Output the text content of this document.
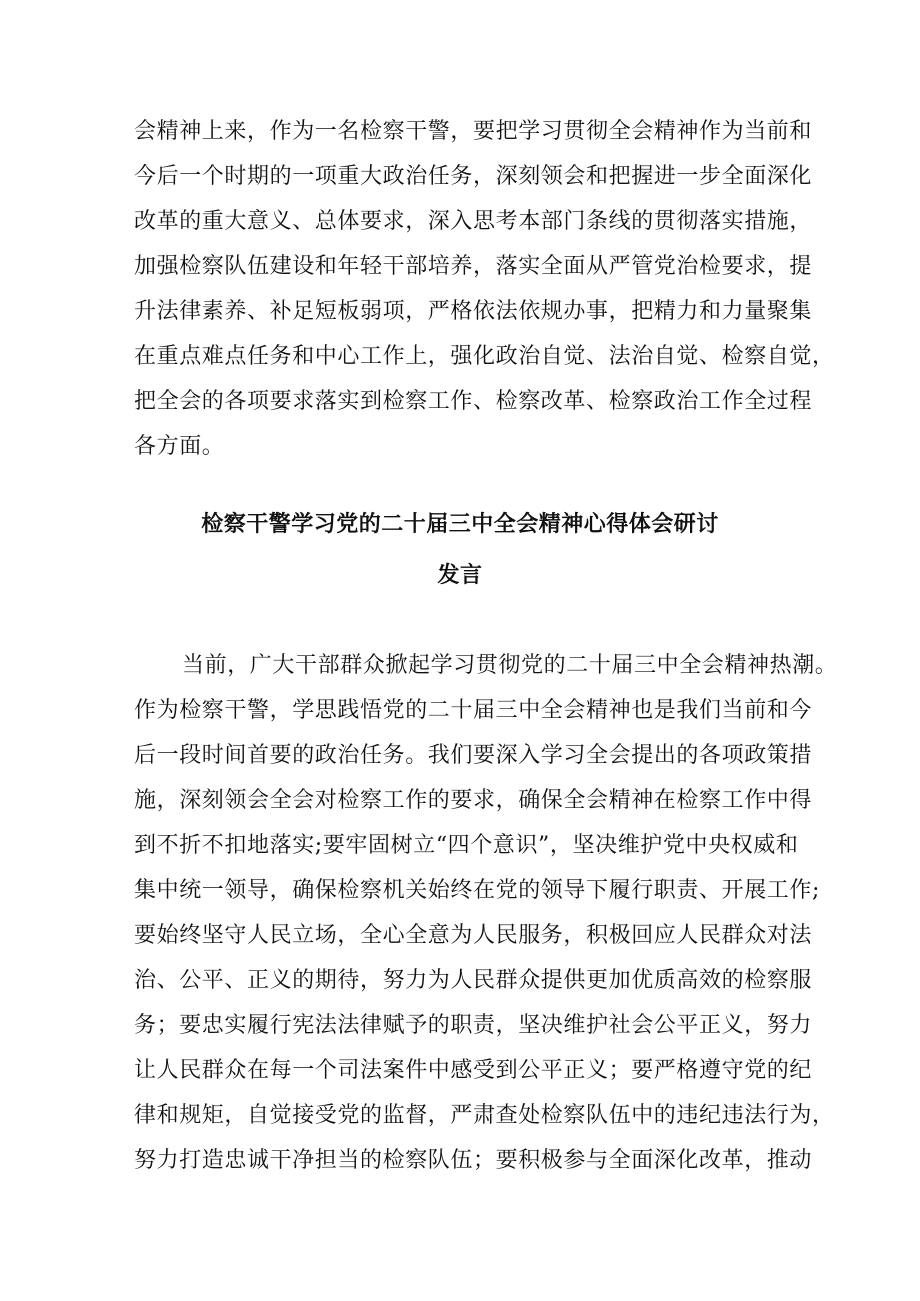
会精神上来，作为一名检察干警，要把学习贯彻全会精神作为当前和

今后一个时期的一项重大政治任务，深刻领会和把握进一步全面深化

改革的重大意义、总体要求，深入思考本部门条线的贯彻落实措施，

加强检察队伍建设和年轻干部培养，落实全面从严管党治检要求，提

升法律素养、补足短板弱项，严格依法依规办事，把精力和力量聚集

在重点难点任务和中心工作上，强化政治自觉、法治自觉、检察自觉，

把全会的各项要求落实到检察工作、检察改革、检察政治工作全过程

各方面。

检察干警学习党的二十届三中全会精神心得体会研讨
发言

当前，广大干部群众掀起学习贯彻党的二十届三中全会精神热潮。

作为检察干警，学思践悟党的二十届三中全会精神也是我们当前和今

后一段时间首要的政治任务。我们要深入学习全会提出的各项政策措

施，深刻领会全会对检察工作的要求，确保全会精神在检察工作中得

到不折不扣地落实;要牢固树立“四个意识”，坚决维护党中央权威和

集中统一领导，确保检察机关始终在党的领导下履行职责、开展工作;

要始终坚守人民立场，全心全意为人民服务，积极回应人民群众对法

治、公平、正义的期待，努力为人民群众提供更加优质高效的检察服

务；要忠实履行宪法法律赋予的职责，坚决维护社会公平正义，努力

让人民群众在每一个司法案件中感受到公平正义；要严格遵守党的纪

律和规矩，自觉接受党的监督，严肃查处检察队伍中的违纪违法行为，

努力打造忠诚干净担当的检察队伍；要积极参与全面深化改革，推动
